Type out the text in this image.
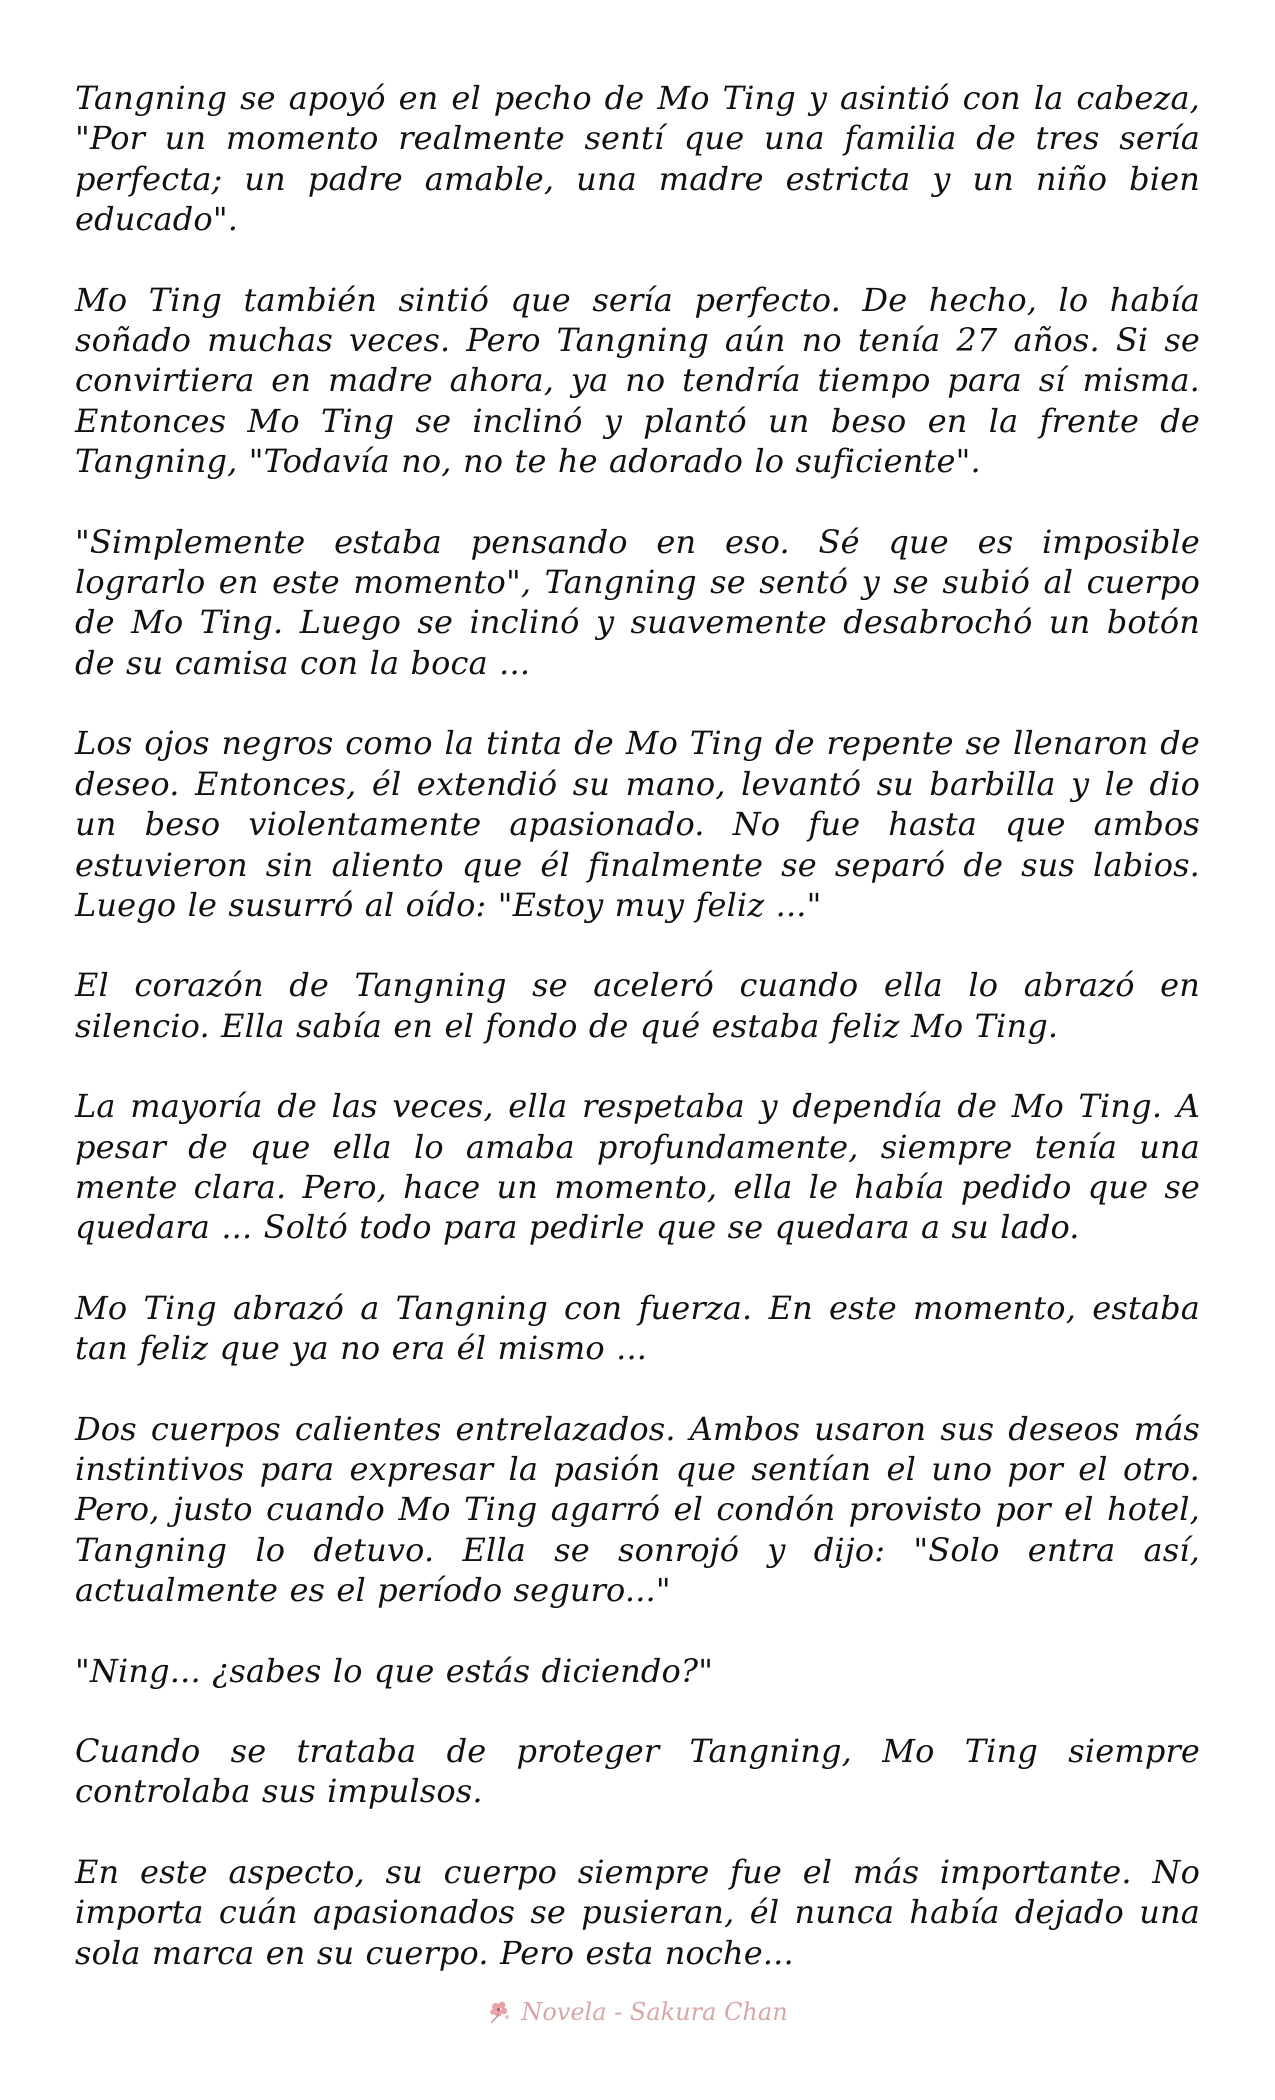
Tangning se apoyó en el pecho de Mo Ting y asintió con la cabeza, "Por un momento realmente sentí que una familia de tres sería perfecta; un padre amable, una madre estricta y un niño bien educado".

Mo Ting también sintió que sería perfecto. De hecho, lo había soñado muchas veces. Pero Tangning aún no tenía 27 años. Si se convirtiera en madre ahora, ya no tendría tiempo para sí misma. Entonces Mo Ting se inclinó y plantó un beso en la frente de Tangning, "Todavía no, no te he adorado lo suficiente".

"Simplemente estaba pensando en eso. Sé que es imposible lograrlo en este momento", Tangning se sentó y se subió al cuerpo de Mo Ting. Luego se inclinó y suavemente desabrochó un botón de su camisa con la boca ...

Los ojos negros como la tinta de Mo Ting de repente se llenaron de deseo. Entonces, él extendió su mano, levantó su barbilla y le dio un beso violentamente apasionado. No fue hasta que ambos estuvieron sin aliento que él finalmente se separó de sus labios. Luego le susurró al oído: "Estoy muy feliz ..."

El corazón de Tangning se aceleró cuando ella lo abrazó en silencio. Ella sabía en el fondo de qué estaba feliz Mo Ting.

La mayoría de las veces, ella respetaba y dependía de Mo Ting. A pesar de que ella lo amaba profundamente, siempre tenía una mente clara. Pero, hace un momento, ella le había pedido que se quedara ... Soltó todo para pedirle que se quedara a su lado.

Mo Ting abrazó a Tangning con fuerza. En este momento, estaba tan feliz que ya no era él mismo ...

Dos cuerpos calientes entrelazados. Ambos usaron sus deseos más instintivos para expresar la pasión que sentían el uno por el otro. Pero, justo cuando Mo Ting agarró el condón provisto por el hotel, Tangning lo detuvo. Ella se sonrojó y dijo: "Solo entra así, actualmente es el período seguro..."

"Ning... ¿sabes lo que estás diciendo?"

Cuando se trataba de proteger Tangning, Mo Ting siempre controlaba sus impulsos.

En este aspecto, su cuerpo siempre fue el más importante. No importa cuán apasionados se pusieran, él nunca había dejado una sola marca en su cuerpo. Pero esta noche...

Novela - Sakura Chan
